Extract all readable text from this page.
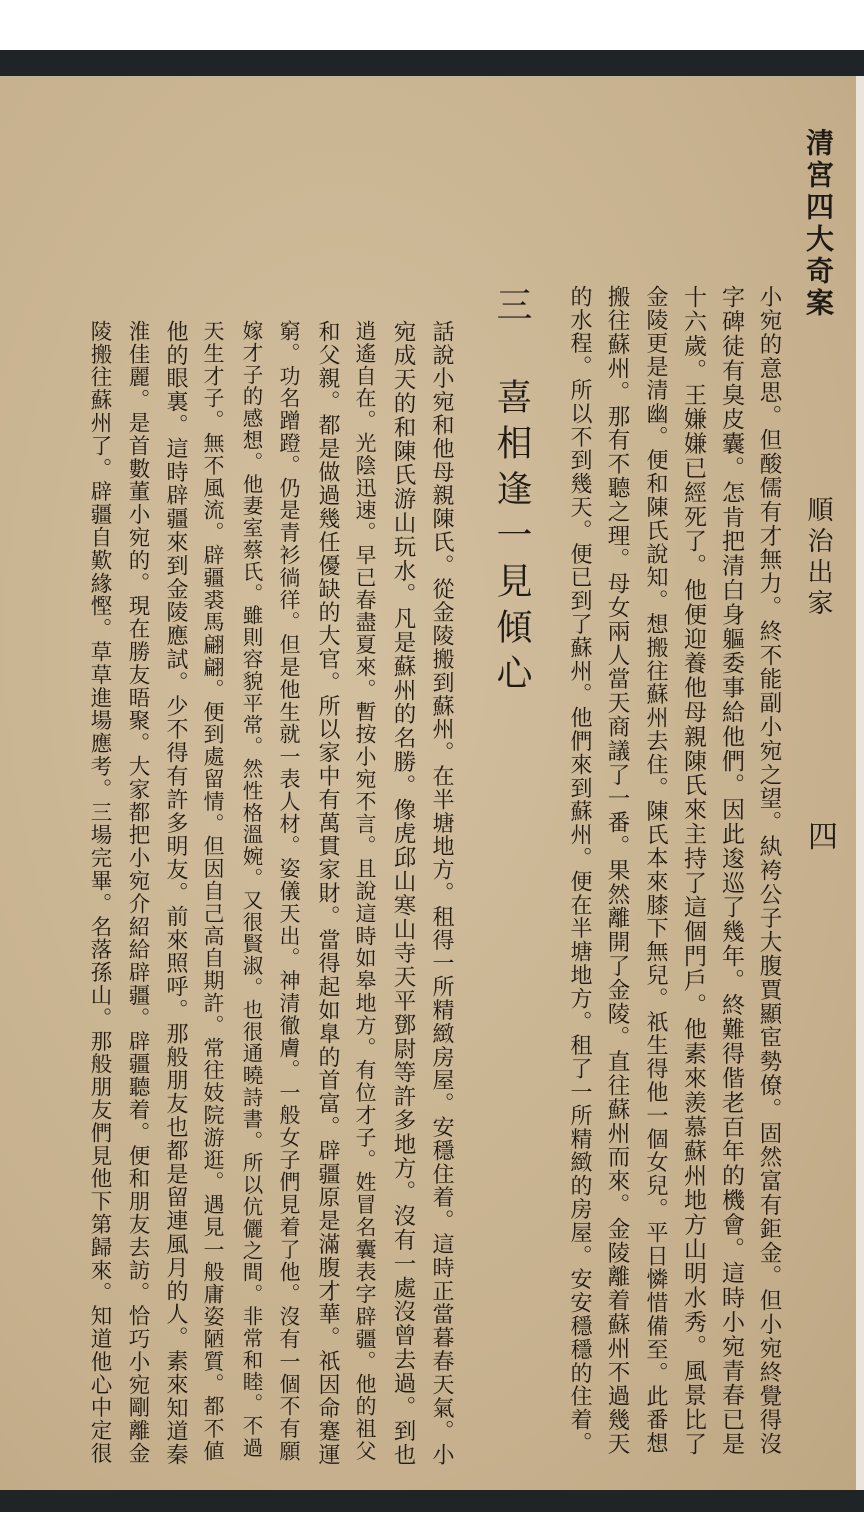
清宮四大奇案
順治出家
四
小宛的意思。但酸儒有才無力。終不能副小宛之望。紈袴公子大腹賈顯宦勢僚。固然富有鉅金。但小宛終覺得沒
字碑徒有臭皮囊。怎肯把清白身軀委事給他們。因此逡巡了幾年。終難得偕老百年的機會。這時小宛青春已是
十六歲。王嫌嫌已經死了。他便迎養他母親陳氏來主持了這個門戶。他素來羨慕蘇州地方山明水秀。風景比了
金陵更是清幽。便和陳氏說知。想搬往蘇州去住。陳氏本來膝下無兒。祇生得他一個女兒。平日憐惜備至。此番想
搬往蘇州。那有不聽之理。母女兩人當天商議了一番。果然離開了金陵。直往蘇州而來。金陵離着蘇州不過幾天
的水程。所以不到幾天。便已到了蘇州。他們來到蘇州。便在半塘地方。租了一所精緻的房屋。安安穩穩的住着。
三　喜相逢一見傾心
話說小宛和他母親陳氏。從金陵搬到蘇州。在半塘地方。租得一所精緻房屋。安穩住着。這時正當暮春天氣。小
宛成天的和陳氏游山玩水。凡是蘇州的名勝。像虎邱山寒山寺天平鄧尉等許多地方。沒有一處沒曾去過。到也
逍遙自在。光陰迅速。早已春盡夏來。暫按小宛不言。且說這時如皋地方。有位才子。姓冒名囊表字辟疆。他的祖父
和父親。都是做過幾任優缺的大官。所以家中有萬貫家財。當得起如臯的首富。辟疆原是滿腹才華。祇因命蹇運
窮。功名蹭蹬。仍是青衫徜徉。但是他生就一表人材。姿儀天出。神清徹膚。一般女子們見着了他。沒有一個不有願
嫁才子的感想。他妻室蔡氏。雖則容貌平常。然性格溫婉。又很賢淑。也很通曉詩書。所以伉儷之間。非常和睦。不過
天生才子。無不風流。辟疆裘馬翩翩。便到處留情。但因自己高自期許。常往妓院游逛。遇見一般庸姿陋質。都不値
他的眼裏。這時辟疆來到金陵應試。少不得有許多明友。前來照呼。那般朋友也都是留連風月的人。素來知道秦
淮佳麗。是首數董小宛的。現在勝友晤聚。大家都把小宛介紹給辟疆。辟疆聽着。便和朋友去訪。恰巧小宛剛離金
陵搬往蘇州了。辟疆自歎緣慳。草草進場應考。三場完畢。名落孫山。那般朋友們見他下第歸來。知道他心中定很
